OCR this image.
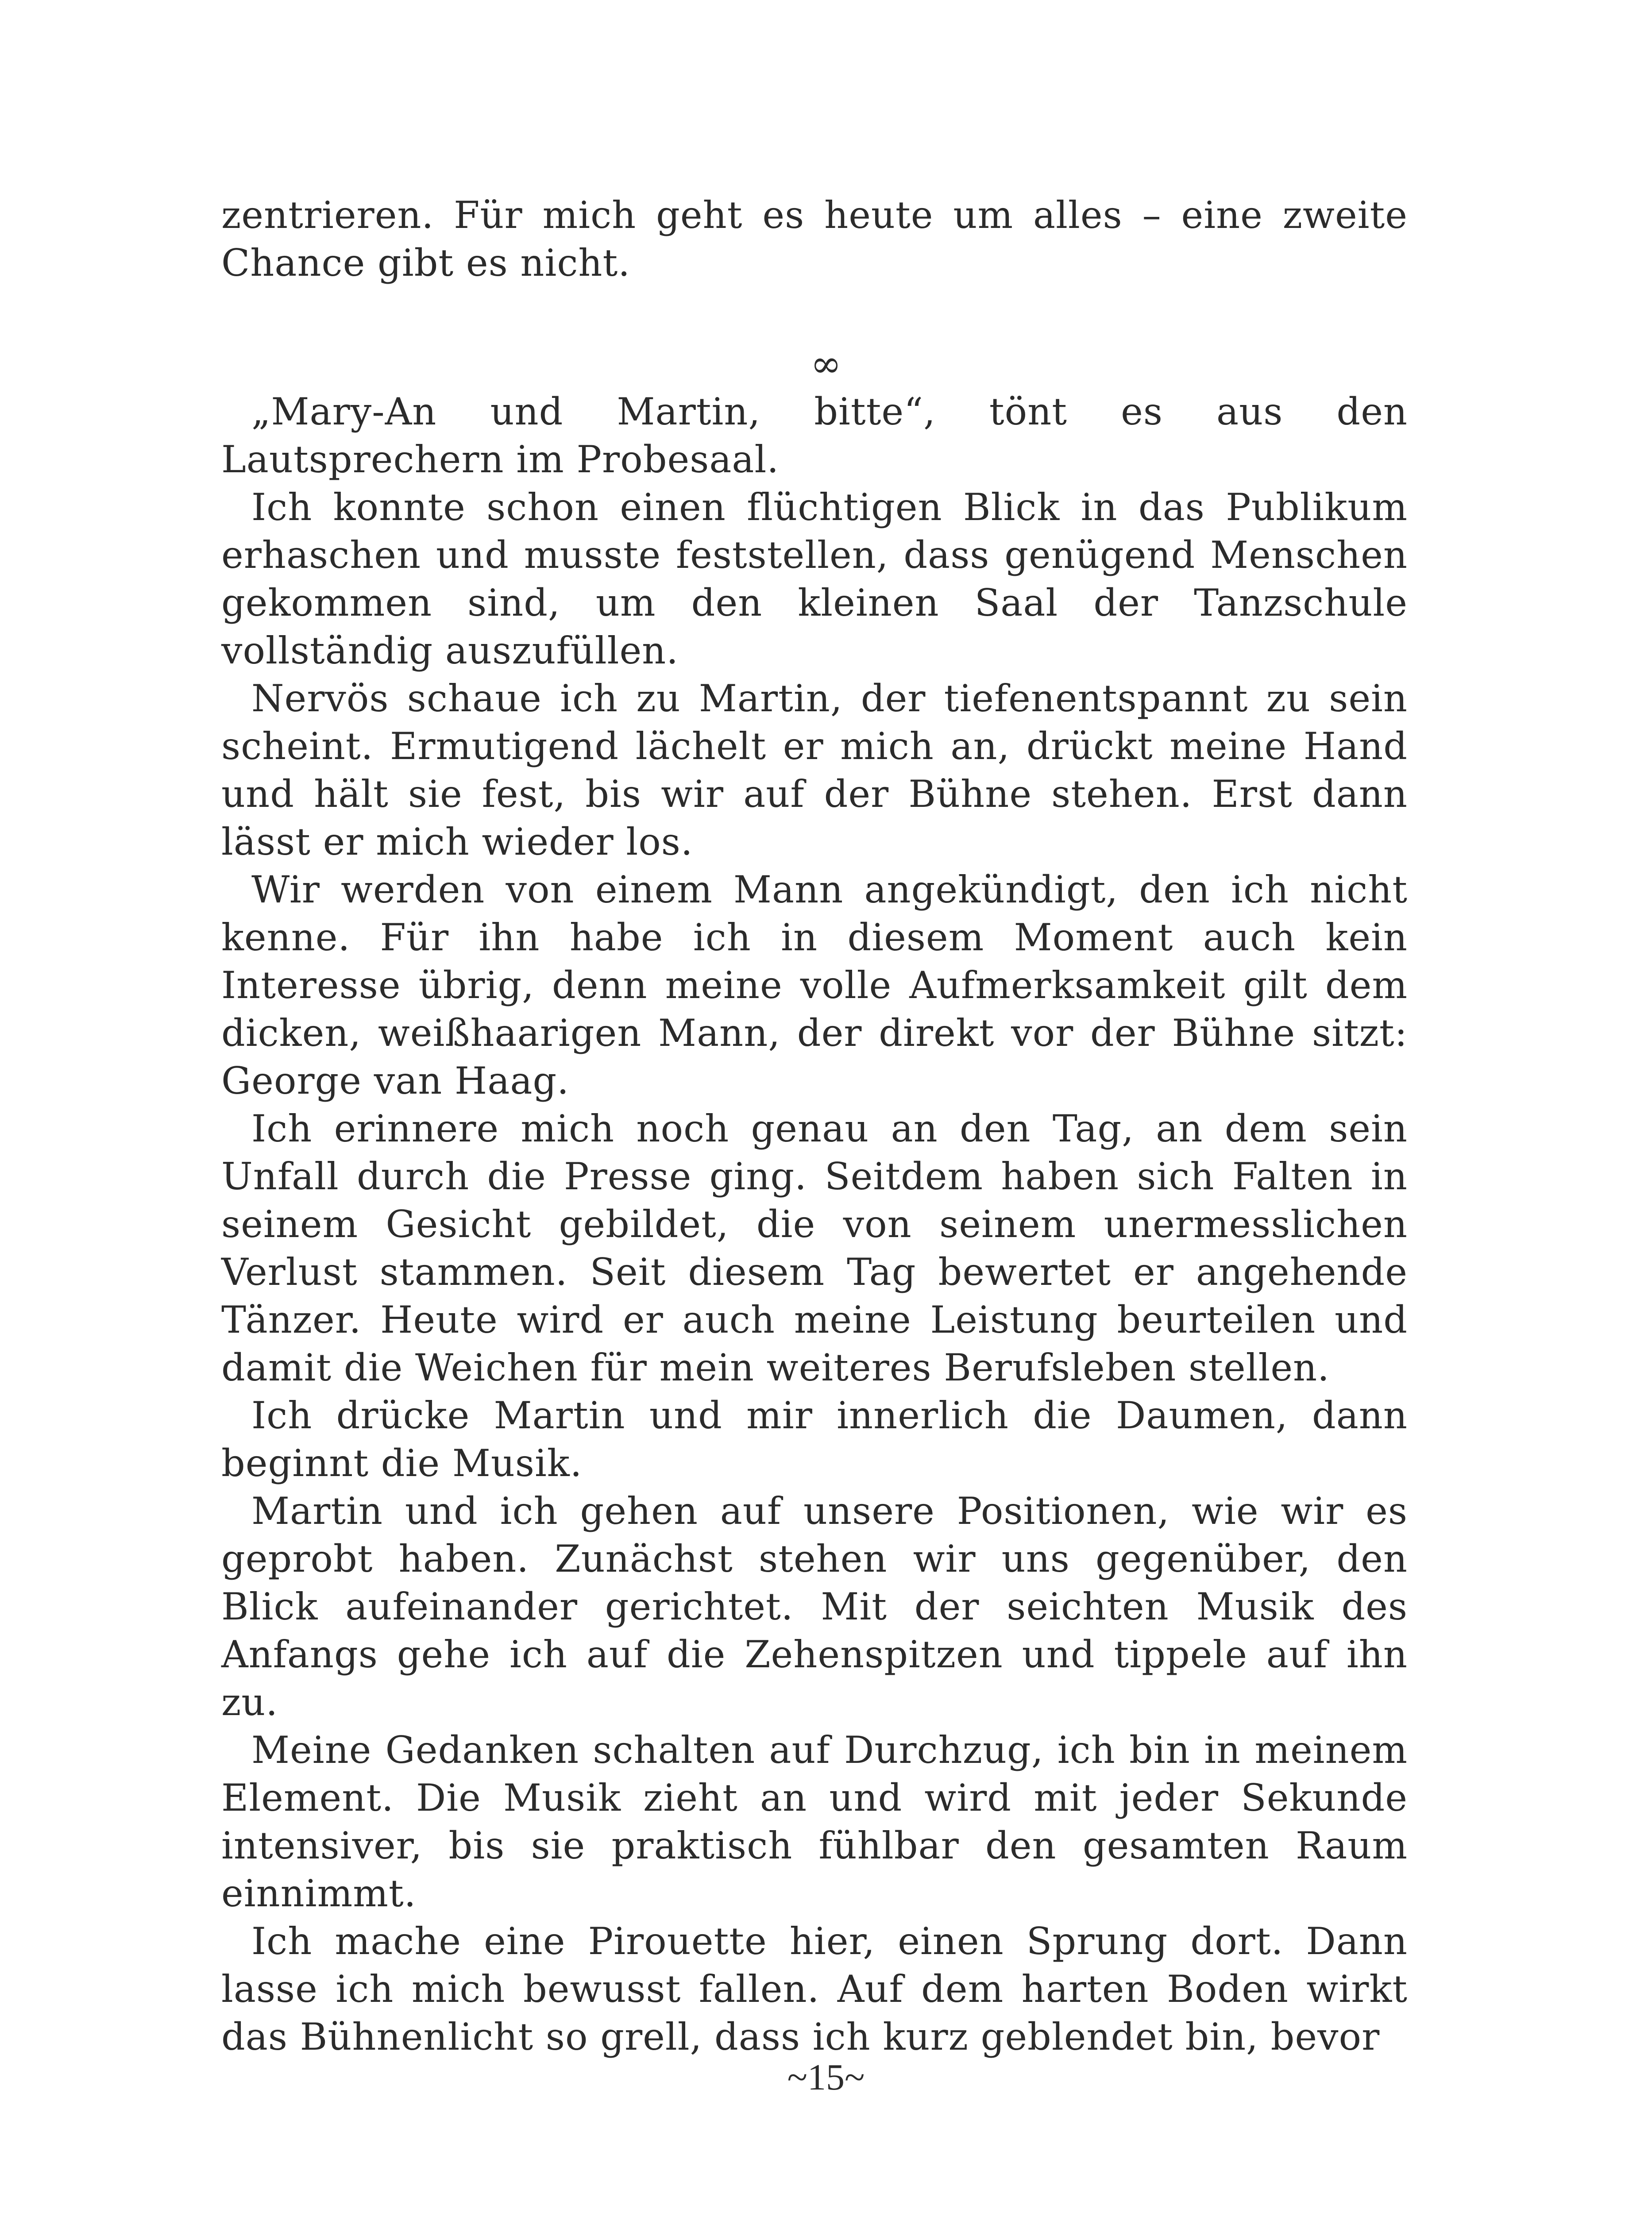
zentrieren. Für mich geht es heute um alles – eine zweite Chance gibt es nicht.

∞

„Mary-An und Martin, bitte“, tönt es aus den Lautsprechern im Probesaal.

Ich konnte schon einen flüchtigen Blick in das Publikum erhaschen und musste feststellen, dass genügend Menschen gekommen sind, um den kleinen Saal der Tanzschule vollständig auszufüllen.

Nervös schaue ich zu Martin, der tiefenentspannt zu sein scheint. Ermutigend lächelt er mich an, drückt meine Hand und hält sie fest, bis wir auf der Bühne stehen. Erst dann lässt er mich wieder los.

Wir werden von einem Mann angekündigt, den ich nicht kenne. Für ihn habe ich in diesem Moment auch kein Interesse übrig, denn meine volle Aufmerksamkeit gilt dem dicken, weißhaarigen Mann, der direkt vor der Bühne sitzt: George van Haag.

Ich erinnere mich noch genau an den Tag, an dem sein Unfall durch die Presse ging. Seitdem haben sich Falten in seinem Gesicht gebildet, die von seinem unermesslichen Verlust stammen. Seit diesem Tag bewertet er angehende Tänzer. Heute wird er auch meine Leistung beurteilen und damit die Weichen für mein weiteres Berufsleben stellen.

Ich drücke Martin und mir innerlich die Daumen, dann beginnt die Musik.

Martin und ich gehen auf unsere Positionen, wie wir es geprobt haben. Zunächst stehen wir uns gegenüber, den Blick aufeinander gerichtet. Mit der seichten Musik des Anfangs gehe ich auf die Zehenspitzen und tippele auf ihn zu.

Meine Gedanken schalten auf Durchzug, ich bin in meinem Element. Die Musik zieht an und wird mit jeder Sekunde intensiver, bis sie praktisch fühlbar den gesamten Raum einnimmt.

Ich mache eine Pirouette hier, einen Sprung dort. Dann lasse ich mich bewusst fallen. Auf dem harten Boden wirkt das Bühnenlicht so grell, dass ich kurz geblendet bin, bevor

~15~
